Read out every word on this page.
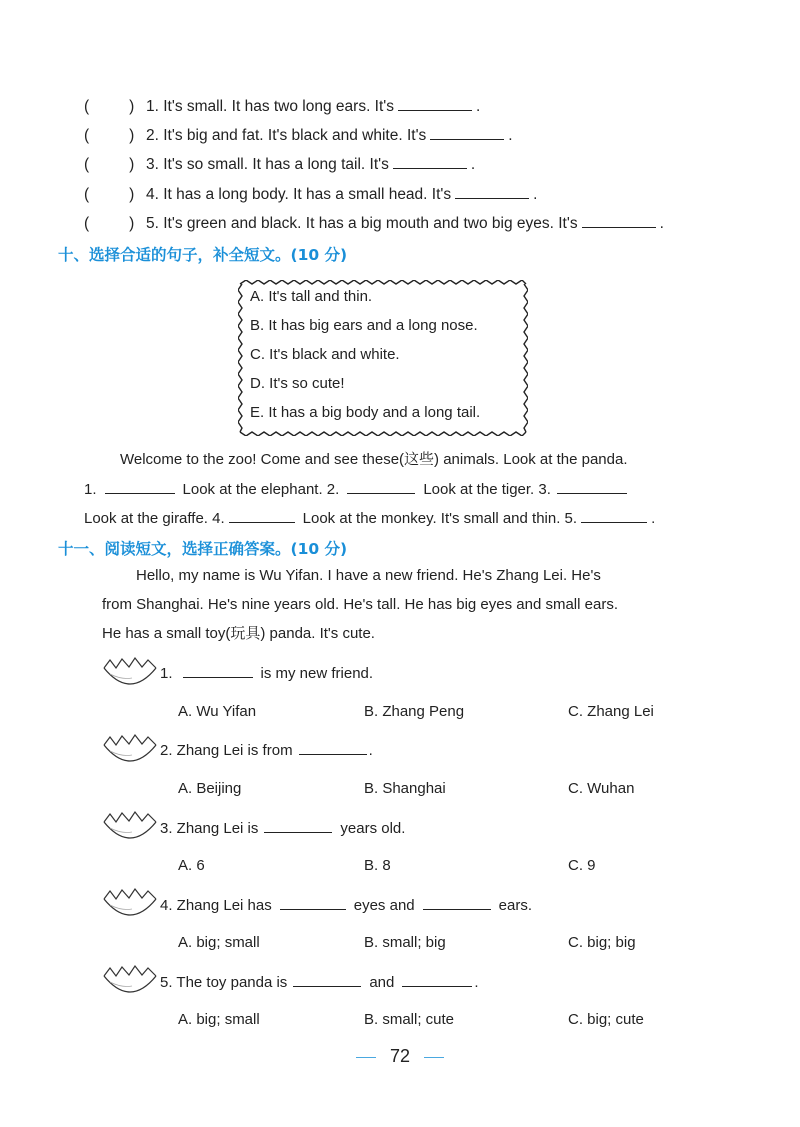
(	) 1. It's small. It has two long ears. It's	.
(	) 2. It's big and fat. It's black and white. It's	.
(	) 3. It's so small. It has a long tail. It's	.
(	) 4. It has a long body. It has a small head. It's	.
(	) 5. It's green and black. It has a big mouth and two big eyes. It's	.
十、选择合适的句子，补全短文。(10 分)
A. It's tall and thin.
B. It has big ears and a long nose.
C. It's black and white.
D. It's so cute!
E. It has a big body and a long tail.
Welcome to the zoo! Come and see these(这些) animals. Look at the panda.
1.	Look at the elephant. 2.	Look at the tiger. 3.
Look at the giraffe. 4.	Look at the monkey. It's small and thin. 5.	.
十一、阅读短文，选择正确答案。(10 分)
Hello, my name is Wu Yifan. I have a new friend. He's Zhang Lei. He's
from Shanghai. He's nine years old. He's tall. He has big eyes and small ears.
He has a small toy(玩具) panda. It's cute.
1.	is my new friend.
A. Wu Yifan	B. Zhang Peng	C. Zhang Lei
2. Zhang Lei is from	.
A. Beijing	B. Shanghai	C. Wuhan
3. Zhang Lei is	years old.
A. 6	B. 8	C. 9
4. Zhang Lei has	eyes and	ears.
A. big; small	B. small; big	C. big; big
5. The toy panda is	and	.
A. big; small	B. small; cute	C. big; cute
72
